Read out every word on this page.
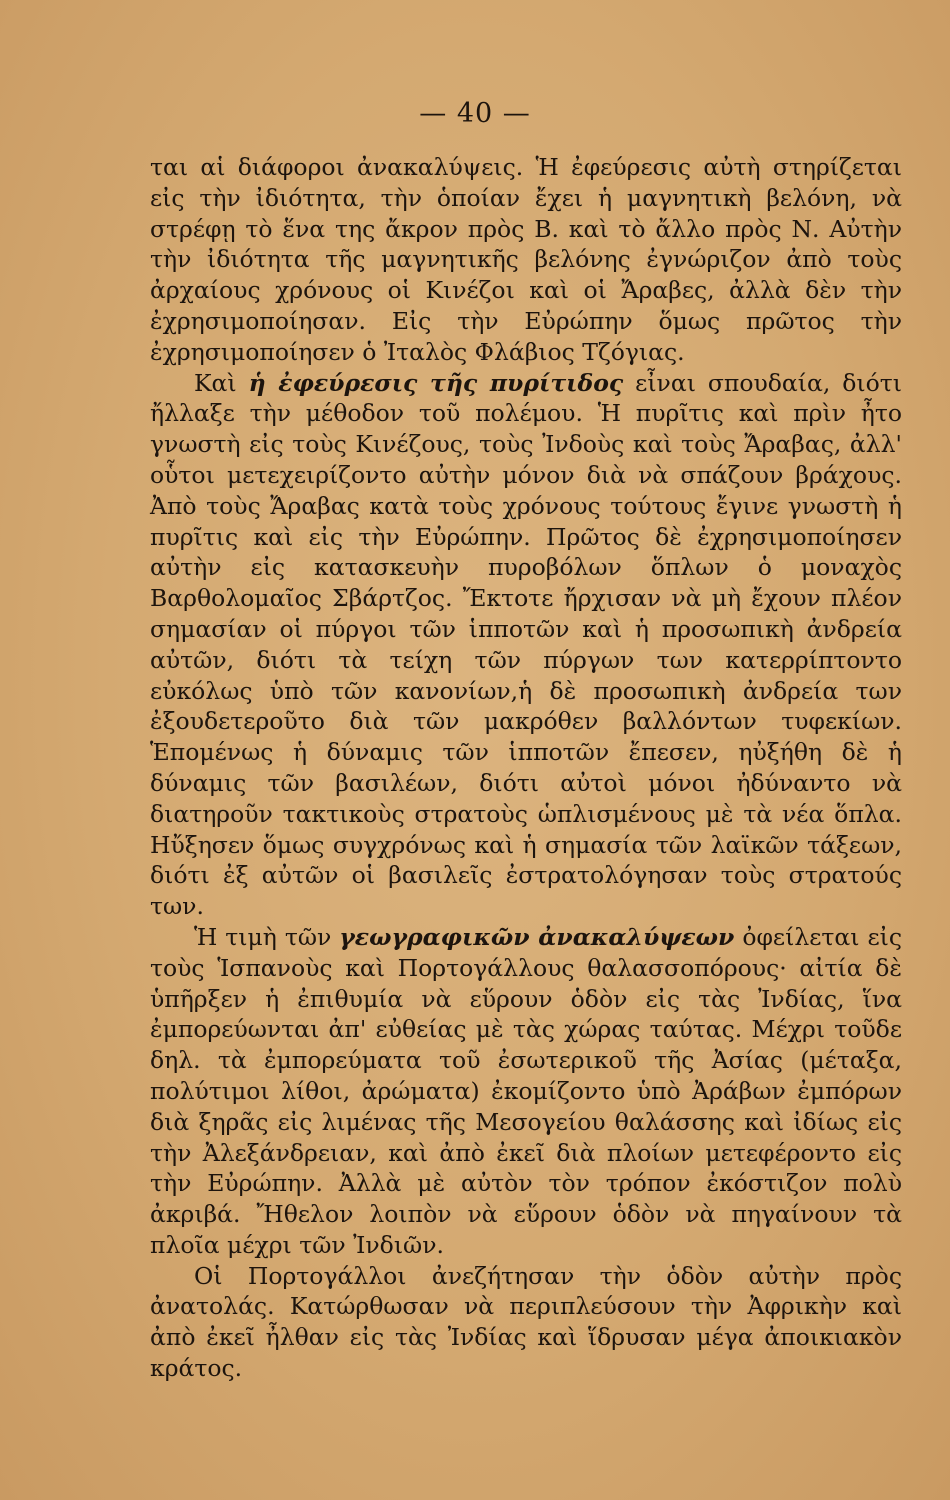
— 40 —

ται αἱ διάφοροι ἀνακαλύψεις. Ἡ ἐφεύρεσις αὐτὴ στηρίζεται εἰς τὴν ἰδιότητα, τὴν ὁποίαν ἔχει ἡ μαγνητικὴ βελόνη, νὰ στρέφῃ τὸ ἕνα της ἄκρον πρὸς Β. καὶ τὸ ἄλλο πρὸς Ν. Αὐτὴν τὴν ἰδιότητα τῆς μαγνητικῆς βελόνης ἐγνώριζον ἀπὸ τοὺς ἀρχαίους χρόνους οἱ Κινέζοι καὶ οἱ Ἄραβες, ἀλλὰ δὲν τὴν ἐχρησιμοποίησαν. Εἰς τὴν Εὐρώπην ὅμως πρῶτος τὴν ἐχρησιμοποίησεν ὁ Ἰταλὸς Φλάβιος Τζόγιας.

Καὶ ἡ ἐφεύρεσις τῆς πυρίτιδος εἶναι σπουδαία, διότι ἤλλαξε τὴν μέθοδον τοῦ πολέμου. Ἡ πυρῖτις καὶ πρὶν ἦτο γνωστὴ εἰς τοὺς Κινέζους, τοὺς Ἰνδοὺς καὶ τοὺς Ἄραβας, ἀλλ' οὗτοι μετεχειρίζοντο αὐτὴν μόνον διὰ νὰ σπάζουν βράχους. Ἀπὸ τοὺς Ἄραβας κατὰ τοὺς χρόνους τούτους ἔγινε γνωστὴ ἡ πυρῖτις καὶ εἰς τὴν Εὐρώπην. Πρῶτος δὲ ἐχρησιμοποίησεν αὐτὴν εἰς κατασκευὴν πυροβόλων ὅπλων ὁ μοναχὸς Βαρθολομαῖος Σβάρτζος. Ἔκτοτε ἤρχισαν νὰ μὴ ἔχουν πλέον σημασίαν οἱ πύργοι τῶν ἱπποτῶν καὶ ἡ προσωπικὴ ἀνδρεία αὐτῶν, διότι τὰ τείχη τῶν πύργων των κατερρίπτοντο εὐκόλως ὑπὸ τῶν κανονίων,ἡ δὲ προσωπικὴ ἀνδρεία των ἐξουδετεροῦτο διὰ τῶν μακρόθεν βαλλόντων τυφεκίων. Ἑπομένως ἡ δύναμις τῶν ἱπποτῶν ἔπεσεν, ηὐξήθη δὲ ἡ δύναμις τῶν βασιλέων, διότι αὐτοὶ μόνοι ἠδύναντο νὰ διατηροῦν τακτικοὺς στρατοὺς ὡπλισμένους μὲ τὰ νέα ὅπλα. Ηὔξησεν ὅμως συγχρόνως καὶ ἡ σημασία τῶν λαϊκῶν τάξεων, διότι ἐξ αὐτῶν οἱ βασιλεῖς ἐστρατολόγησαν τοὺς στρατούς των.

Ἡ τιμὴ τῶν γεωγραφικῶν ἀνακαλύψεων ὀφείλεται εἰς τοὺς Ἱσπανοὺς καὶ Πορτογάλλους θαλασσοπόρους· αἰτία δὲ ὑπῆρξεν ἡ ἐπιθυμία νὰ εὕρουν ὁδὸν εἰς τὰς Ἰνδίας, ἵνα ἐμπορεύωνται ἀπ' εὐθείας μὲ τὰς χώρας ταύτας. Μέχρι τοῦδε δηλ. τὰ ἐμπορεύματα τοῦ ἐσωτερικοῦ τῆς Ἀσίας (μέταξα, πολύτιμοι λίθοι, ἀρώματα) ἐκομίζοντο ὑπὸ Ἀράβων ἐμπόρων διὰ ξηρᾶς εἰς λιμένας τῆς Μεσογείου θαλάσσης καὶ ἰδίως εἰς τὴν Ἀλεξάνδρειαν, καὶ ἀπὸ ἐκεῖ διὰ πλοίων μετεφέροντο εἰς τὴν Εὐρώπην. Ἀλλὰ μὲ αὐτὸν τὸν τρόπον ἐκόστιζον πολὺ ἀκριβά. Ἤθελον λοιπὸν νὰ εὕρουν ὁδὸν νὰ πηγαίνουν τὰ πλοῖα μέχρι τῶν Ἰνδιῶν.

Οἱ Πορτογάλλοι ἀνεζήτησαν τὴν ὁδὸν αὐτὴν πρὸς ἀνατολάς. Κατώρθωσαν νὰ περιπλεύσουν τὴν Ἀφρικὴν καὶ ἀπὸ ἐκεῖ ἦλθαν εἰς τὰς Ἰνδίας καὶ ἵδρυσαν μέγα ἀποικιακὸν κράτος.
